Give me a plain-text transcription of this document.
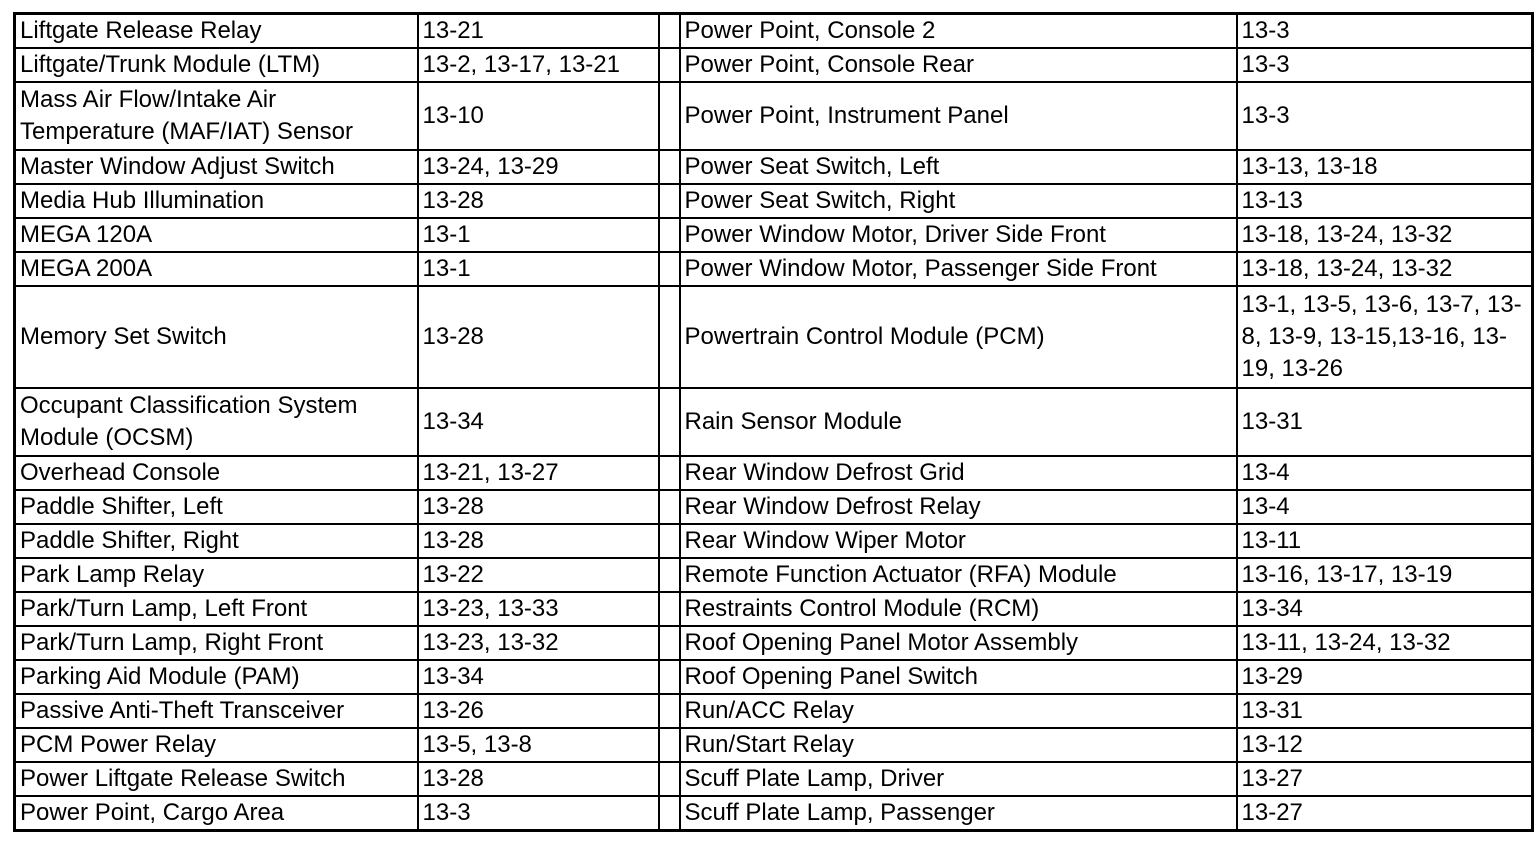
Liftgate Release Relay	13-21		Power Point, Console 2	13-3
Liftgate/Trunk Module (LTM)	13-2, 13-17, 13-21		Power Point, Console Rear	13-3
Mass Air Flow/Intake Air Temperature (MAF/IAT) Sensor	13-10		Power Point, Instrument Panel	13-3
Master Window Adjust Switch	13-24, 13-29		Power Seat Switch, Left	13-13, 13-18
Media Hub Illumination	13-28		Power Seat Switch, Right	13-13
MEGA 120A	13-1		Power Window Motor, Driver Side Front	13-18, 13-24, 13-32
MEGA 200A	13-1		Power Window Motor, Passenger Side Front	13-18, 13-24, 13-32
Memory Set Switch	13-28		Powertrain Control Module (PCM)	13-1, 13-5, 13-6, 13-7, 13-8, 13-9, 13-15,13-16, 13-19, 13-26
Occupant Classification System Module (OCSM)	13-34		Rain Sensor Module	13-31
Overhead Console	13-21, 13-27		Rear Window Defrost Grid	13-4
Paddle Shifter, Left	13-28		Rear Window Defrost Relay	13-4
Paddle Shifter, Right	13-28		Rear Window Wiper Motor	13-11
Park Lamp Relay	13-22		Remote Function Actuator (RFA) Module	13-16, 13-17, 13-19
Park/Turn Lamp, Left Front	13-23, 13-33		Restraints Control Module (RCM)	13-34
Park/Turn Lamp, Right Front	13-23, 13-32		Roof Opening Panel Motor Assembly	13-11, 13-24, 13-32
Parking Aid Module (PAM)	13-34		Roof Opening Panel Switch	13-29
Passive Anti-Theft Transceiver	13-26		Run/ACC Relay	13-31
PCM Power Relay	13-5, 13-8		Run/Start Relay	13-12
Power Liftgate Release Switch	13-28		Scuff Plate Lamp, Driver	13-27
Power Point, Cargo Area	13-3		Scuff Plate Lamp, Passenger	13-27
